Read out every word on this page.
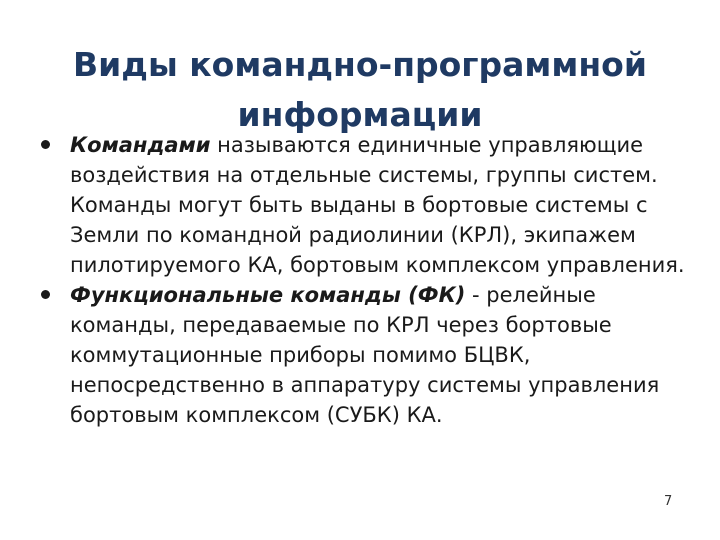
Виды командно-программной
информации
Командами называются единичные управляющие воздействия на отдельные системы, группы систем. Команды могут быть выданы в бортовые системы с Земли по командной радиолинии (КРЛ), экипажем пилотируемого КА, бортовым комплексом управления.
Функциональные команды (ФК) - релейные команды, передаваемые по КРЛ через бортовые коммутационные приборы помимо БЦВК, непосредственно в аппаратуру системы управления бортовым комплексом (СУБК) КА.
7
